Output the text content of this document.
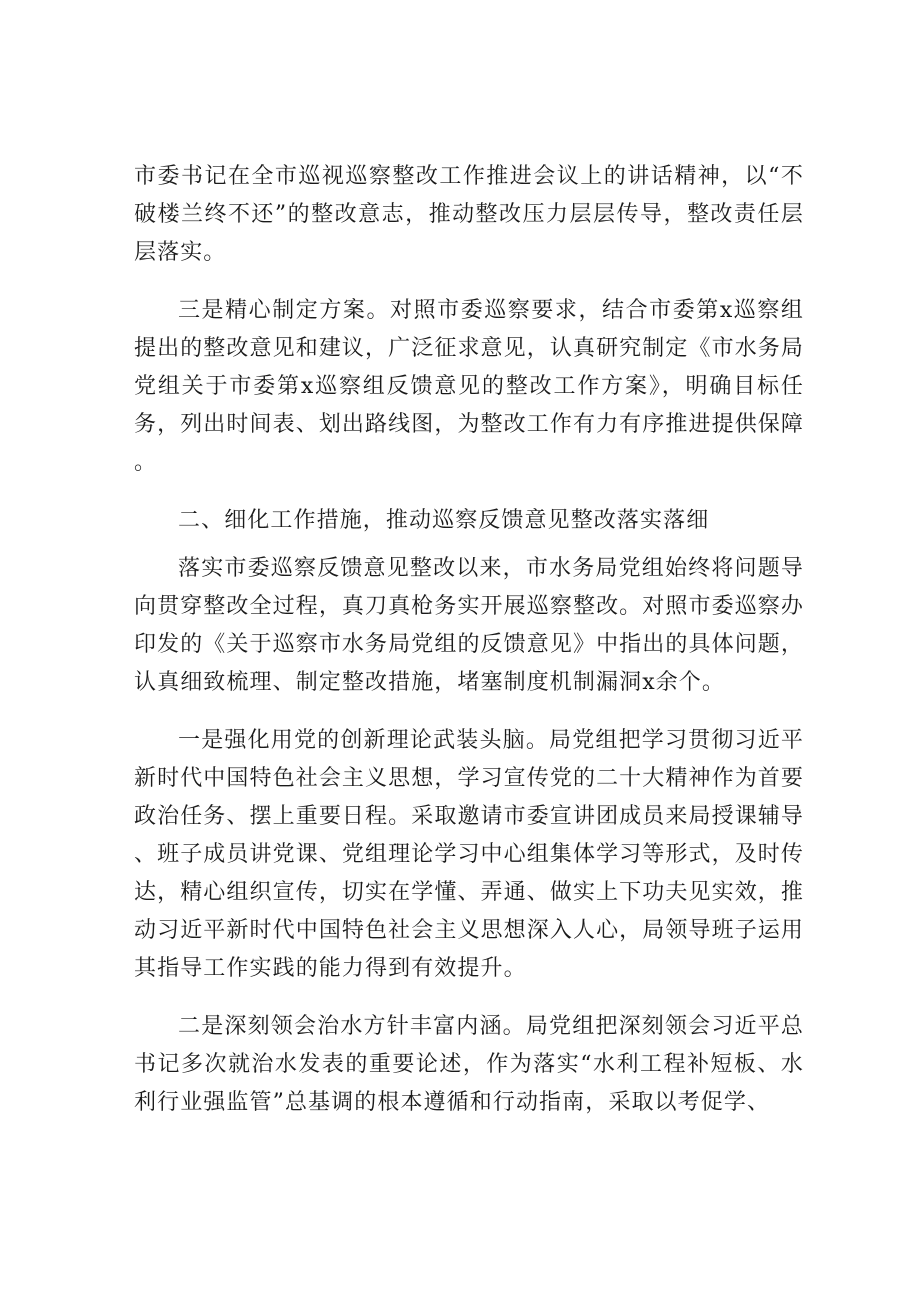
市委书记在全市巡视巡察整改工作推进会议上的讲话精神，以“不破楼兰终不还”的整改意志，推动整改压力层层传导，整改责任层层落实。

三是精心制定方案。对照市委巡察要求，结合市委第x巡察组提出的整改意见和建议，广泛征求意见，认真研究制定《市水务局党组关于市委第x巡察组反馈意见的整改工作方案》，明确目标任务，列出时间表、划出路线图，为整改工作有力有序推进提供保障。

二、细化工作措施，推动巡察反馈意见整改落实落细

落实市委巡察反馈意见整改以来，市水务局党组始终将问题导向贯穿整改全过程，真刀真枪务实开展巡察整改。对照市委巡察办印发的《关于巡察市水务局党组的反馈意见》中指出的具体问题，认真细致梳理、制定整改措施，堵塞制度机制漏洞x余个。

一是强化用党的创新理论武装头脑。局党组把学习贯彻习近平新时代中国特色社会主义思想，学习宣传党的二十大精神作为首要政治任务、摆上重要日程。采取邀请市委宣讲团成员来局授课辅导、班子成员讲党课、党组理论学习中心组集体学习等形式，及时传达，精心组织宣传，切实在学懂、弄通、做实上下功夫见实效，推动习近平新时代中国特色社会主义思想深入人心，局领导班子运用其指导工作实践的能力得到有效提升。

二是深刻领会治水方针丰富内涵。局党组把深刻领会习近平总书记多次就治水发表的重要论述，作为落实“水利工程补短板、水利行业强监管”总基调的根本遵循和行动指南，采取以考促学、
